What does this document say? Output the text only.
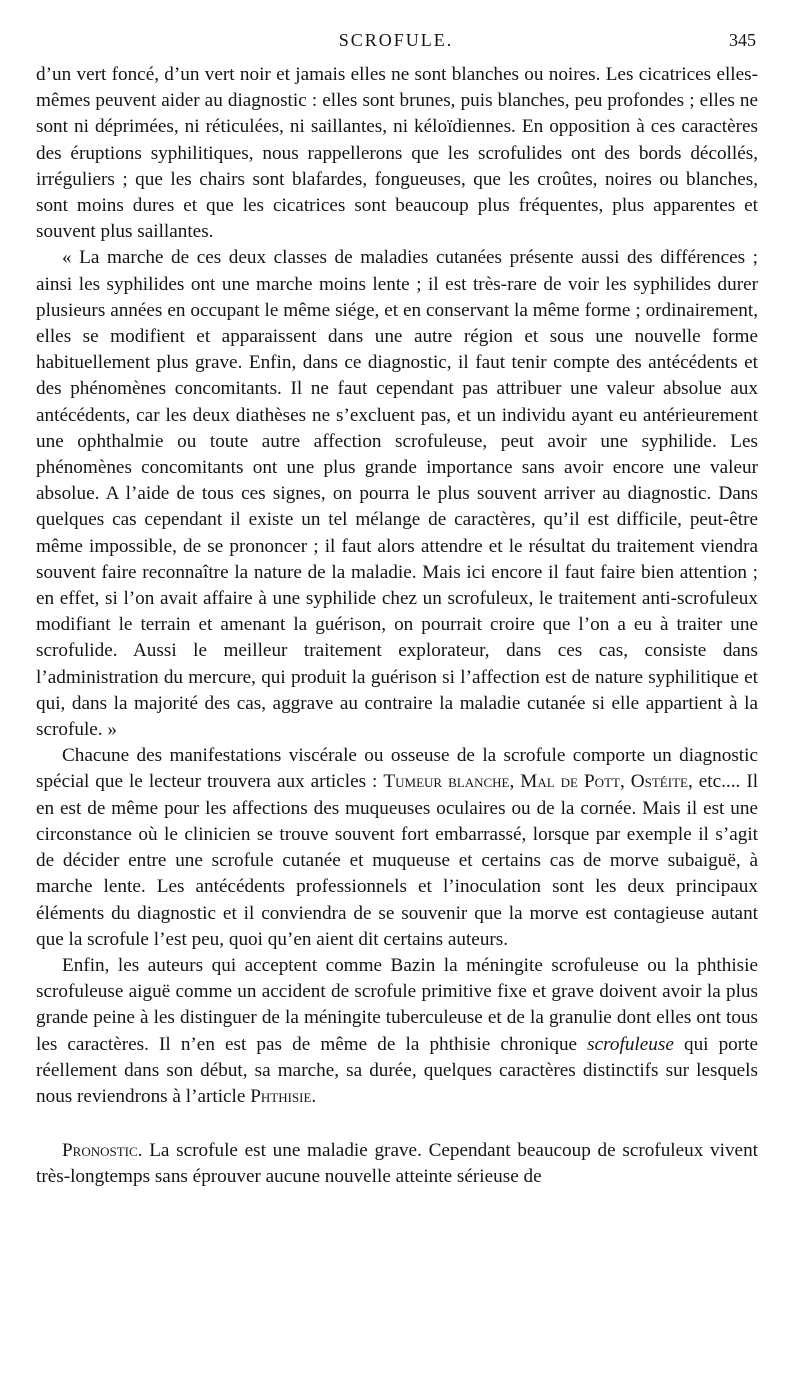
SCROFULE.	345

d’un vert foncé, d’un vert noir et jamais elles ne sont blanches ou noires. Les cicatrices elles-mêmes peuvent aider au diagnostic : elles sont brunes, puis blanches, peu profondes ; elles ne sont ni déprimées, ni réticulées, ni saillantes, ni kéloïdiennes. En opposition à ces caractères des éruptions syphilitiques, nous rappellerons que les scrofulides ont des bords décollés, irréguliers ; que les chairs sont blafardes, fongueuses, que les croûtes, noires ou blanches, sont moins dures et que les cicatrices sont beaucoup plus fréquentes, plus apparentes et souvent plus saillantes.

« La marche de ces deux classes de maladies cutanées présente aussi des différences ; ainsi les syphilides ont une marche moins lente ; il est très-rare de voir les syphilides durer plusieurs années en occupant le même siége, et en conservant la même forme ; ordinairement, elles se modifient et apparaissent dans une autre région et sous une nouvelle forme habituellement plus grave. Enfin, dans ce diagnostic, il faut tenir compte des antécédents et des phénomènes concomitants. Il ne faut cependant pas attribuer une valeur absolue aux antécédents, car les deux diathèses ne s’excluent pas, et un individu ayant eu antérieurement une ophthalmie ou toute autre affection scrofuleuse, peut avoir une syphilide. Les phénomènes concomitants ont une plus grande importance sans avoir encore une valeur absolue. A l’aide de tous ces signes, on pourra le plus souvent arriver au diagnostic. Dans quelques cas cependant il existe un tel mélange de caractères, qu’il est difficile, peut-être même impossible, de se prononcer ; il faut alors attendre et le résultat du traitement viendra souvent faire reconnaître la nature de la maladie. Mais ici encore il faut faire bien attention ; en effet, si l’on avait affaire à une syphilide chez un scrofuleux, le traitement anti-scrofuleux modifiant le terrain et amenant la guérison, on pourrait croire que l’on a eu à traiter une scrofulide. Aussi le meilleur traitement explorateur, dans ces cas, consiste dans l’administration du mercure, qui produit la guérison si l’affection est de nature syphilitique et qui, dans la majorité des cas, aggrave au contraire la maladie cutanée si elle appartient à la scrofule. »

Chacune des manifestations viscérale ou osseuse de la scrofule comporte un diagnostic spécial que le lecteur trouvera aux articles : Tumeur blanche, Mal de Pott, Ostéite, etc.... Il en est de même pour les affections des muqueuses oculaires ou de la cornée. Mais il est une circonstance où le clinicien se trouve souvent fort embarrassé, lorsque par exemple il s’agit de décider entre une scrofule cutanée et muqueuse et certains cas de morve subaiguë, à marche lente. Les antécédents professionnels et l’inoculation sont les deux principaux éléments du diagnostic et il conviendra de se souvenir que la morve est contagieuse autant que la scrofule l’est peu, quoi qu’en aient dit certains auteurs.

Enfin, les auteurs qui acceptent comme Bazin la méningite scrofuleuse ou la phthisie scrofuleuse aiguë comme un accident de scrofule primitive fixe et grave doivent avoir la plus grande peine à les distinguer de la méningite tuberculeuse et de la granulie dont elles ont tous les caractères. Il n’en est pas de même de la phthisie chronique scrofuleuse qui porte réellement dans son début, sa marche, sa durée, quelques caractères distinctifs sur lesquels nous reviendrons à l’article Phthisie.

Pronostic. La scrofule est une maladie grave. Cependant beaucoup de scrofuleux vivent très-longtemps sans éprouver aucune nouvelle atteinte sérieuse de
